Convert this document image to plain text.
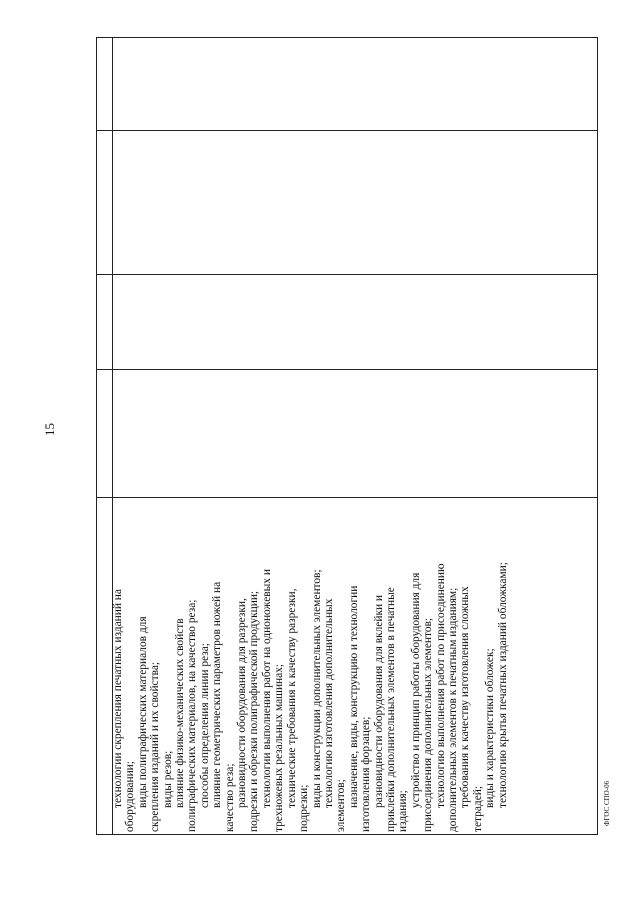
15
технологии скрепления печатных изданий на оборудовании; виды полиграфических материалов для скрепления изданий и их свойства; виды резов; влияние физико-механических свойств полиграфических материалов, на качество реза; способы определения линии реза; влияние геометрических параметров ножей на качество реза; разновидности оборудования для разрезки, подрезки и обрезки полиграфической продукции; технологии выполнения работ на одноножевых и трехножевых резальных машинах; технические требования к качеству разрезки,
подрезки;
виды и конструкции дополнительных элементов; технологию изготовления дополнительных элементов; назначение, виды, конструкцию и технологии изготовления форзацев; разновидности оборудования для вклейки и приклейки дополнительных элементов в печатные издания;
устройство и принцип работы оборудования для присоединения дополнительных элементов; технологию выполнения работ по присоединению дополнительных элементов к печатным изданиям; требования к качеству изготовления сложных
тетрадей;
виды и характеристики обложек; технологию крытья печатных изданий обложками;	ФГОС СПО-06
